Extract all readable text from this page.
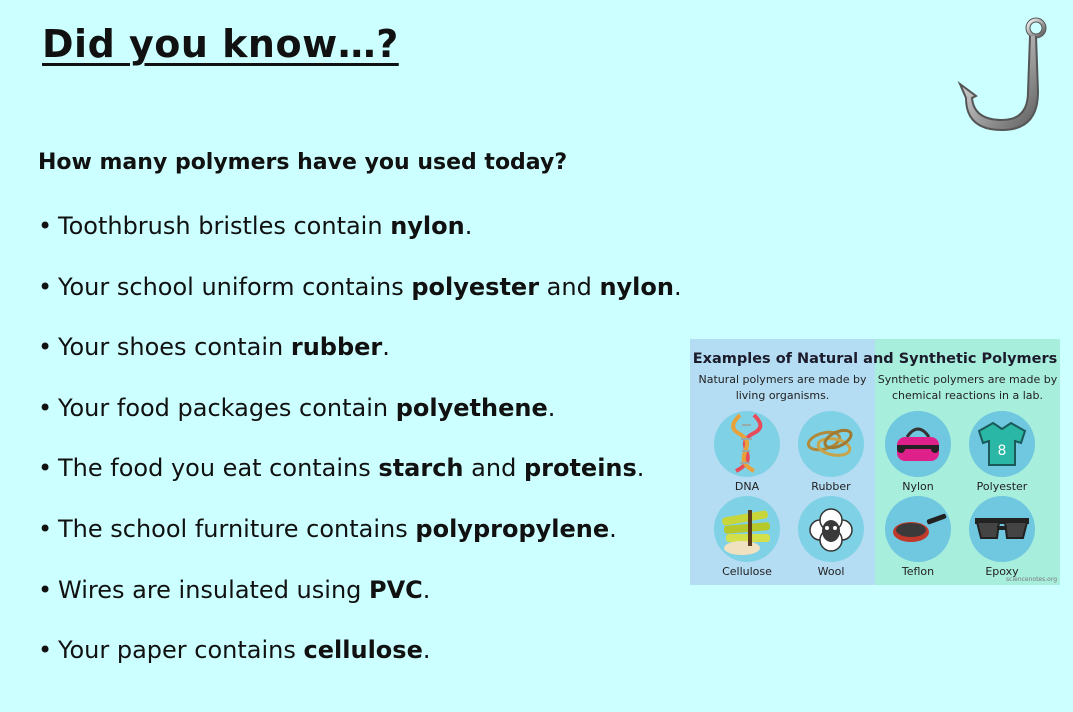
Did you know…?
How many polymers have you used today?
• Toothbrush bristles contain nylon.
• Your school uniform contains polyester and nylon.
• Your shoes contain rubber.
• Your food packages contain polyethene.
• The food you eat contains starch and proteins.
• The school furniture contains polypropylene.
• Wires are insulated using PVC.
• Your paper contains cellulose.
Examples of Natural and Synthetic Polymers
Natural polymers are made by living organisms.
Synthetic polymers are made by chemical reactions in a lab.
DNA	Rubber
Cellulose	Wool
Nylon
8
Polyester
Teflon	Epoxy
sciencenotes.org
